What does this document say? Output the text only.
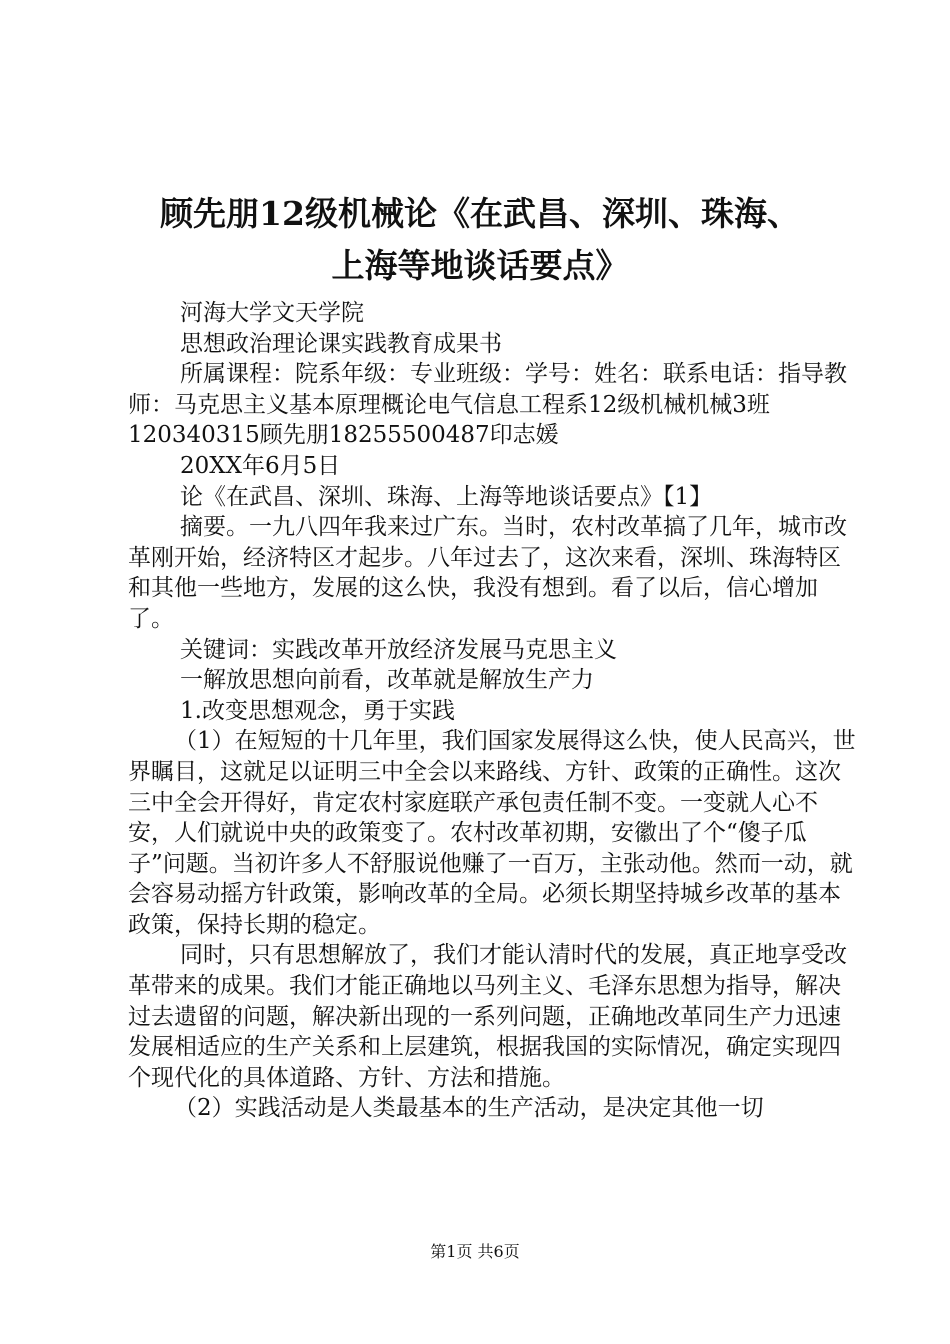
顾先朋12级机械论《在武昌、深圳、珠海、
上海等地谈话要点》

河海大学文天学院

思想政治理论课实践教育成果书

所属课程：院系年级：专业班级：学号：姓名：联系电话：指导教师：马克思主义基本原理概论电气信息工程系12级机械机械3班120340315顾先朋18255500487印志媛

20XX年6月5日

论《在武昌、深圳、珠海、上海等地谈话要点》【1】

摘要。一九八四年我来过广东。当时，农村改革搞了几年，城市改革刚开始，经济特区才起步。八年过去了，这次来看，深圳、珠海特区和其他一些地方，发展的这么快，我没有想到。看了以后，信心增加了。

关键词：实践改革开放经济发展马克思主义

一解放思想向前看，改革就是解放生产力

1.改变思想观念，勇于实践

（1）在短短的十几年里，我们国家发展得这么快，使人民高兴，世界瞩目，这就足以证明三中全会以来路线、方针、政策的正确性。这次三中全会开得好，肯定农村家庭联产承包责任制不变。一变就人心不安，人们就说中央的政策变了。农村改革初期，安徽出了个“傻子瓜子”问题。当初许多人不舒服说他赚了一百万，主张动他。然而一动，就会容易动摇方针政策，影响改革的全局。必须长期坚持城乡改革的基本政策，保持长期的稳定。

同时，只有思想解放了，我们才能认清时代的发展，真正地享受改革带来的成果。我们才能正确地以马列主义、毛泽东思想为指导，解决过去遗留的问题，解决新出现的一系列问题，正确地改革同生产力迅速发展相适应的生产关系和上层建筑，根据我国的实际情况，确定实现四个现代化的具体道路、方针、方法和措施。

（2）实践活动是人类最基本的生产活动，是决定其他一切

第1页 共6页
